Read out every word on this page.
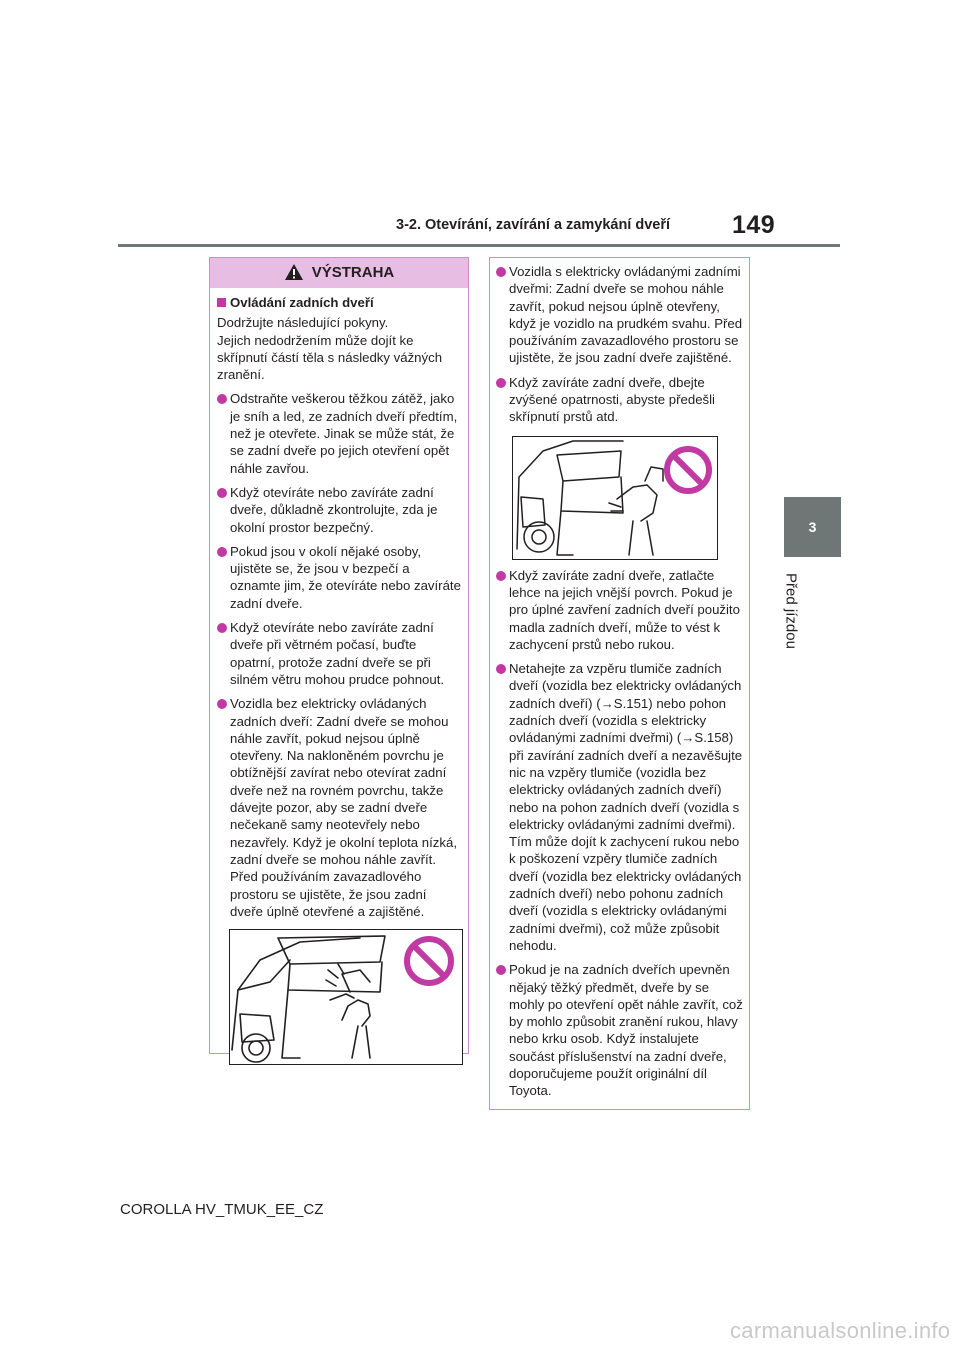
3-2. Otevírání, zavírání a zamykání dveří 149
3
Před jízdou
VÝSTRAHA
Ovládání zadních dveří
Dodržujte následující pokyny.
Jejich nedodržením může dojít ke skřípnutí částí těla s následky vážných zranění.
Odstraňte veškerou těžkou zátěž, jako je sníh a led, ze zadních dveří předtím, než je otevřete. Jinak se může stát, že se zadní dveře po jejich otevření opět náhle zavřou.
Když otevíráte nebo zavíráte zadní dveře, důkladně zkontrolujte, zda je okolní prostor bezpečný.
Pokud jsou v okolí nějaké osoby, ujistěte se, že jsou v bezpečí a oznamte jim, že otevíráte nebo zavíráte zadní dveře.
Když otevíráte nebo zavíráte zadní dveře při větrném počasí, buďte opatrní, protože zadní dveře se při silném větru mohou prudce pohnout.
Vozidla bez elektricky ovládaných zadních dveří: Zadní dveře se mohou náhle zavřít, pokud nejsou úplně otevřeny. Na nakloněném povrchu je obtížnější zavírat nebo otevírat zadní dveře než na rovném povrchu, takže dávejte pozor, aby se zadní dveře nečekaně samy neotevřely nebo nezavřely. Když je okolní teplota nízká, zadní dveře se mohou náhle zavřít. Před používáním zavazadlového prostoru se ujistěte, že jsou zadní dveře úplně otevřené a zajištěné.
Vozidla s elektricky ovládanými zadními dveřmi: Zadní dveře se mohou náhle zavřít, pokud nejsou úplně otevřeny, když je vozidlo na prudkém svahu. Před používáním zavazadlového prostoru se ujistěte, že jsou zadní dveře zajištěné.
Když zavíráte zadní dveře, dbejte zvýšené opatrnosti, abyste předešli skřípnutí prstů atd.
Když zavíráte zadní dveře, zatlačte lehce na jejich vnější povrch. Pokud je pro úplné zavření zadních dveří použito madla zadních dveří, může to vést k zachycení prstů nebo rukou.
Netahejte za vzpěru tlumiče zadních dveří (vozidla bez elektricky ovládaných zadních dveří) (→S.151) nebo pohon zadních dveří (vozidla s elektricky ovládanými zadními dveřmi) (→S.158) při zavírání zadních dveří a nezavěšujte nic na vzpěry tlumiče (vozidla bez elektricky ovládaných zadních dveří) nebo na pohon zadních dveří (vozidla s elektricky ovládanými zadními dveřmi). Tím může dojít k zachycení rukou nebo k poškození vzpěry tlumiče zadních dveří (vozidla bez elektricky ovládaných zadních dveří) nebo pohonu zadních dveří (vozidla s elektricky ovládanými zadními dveřmi), což může způsobit nehodu.
Pokud je na zadních dveřích upevněn nějaký těžký předmět, dveře by se mohly po otevření opět náhle zavřít, což by mohlo způsobit zranění rukou, hlavy nebo krku osob. Když instalujete součást příslušenství na zadní dveře, doporučujeme použít originální díl Toyota.
COROLLA HV_TMUK_EE_CZ
carmanualsonline.info
